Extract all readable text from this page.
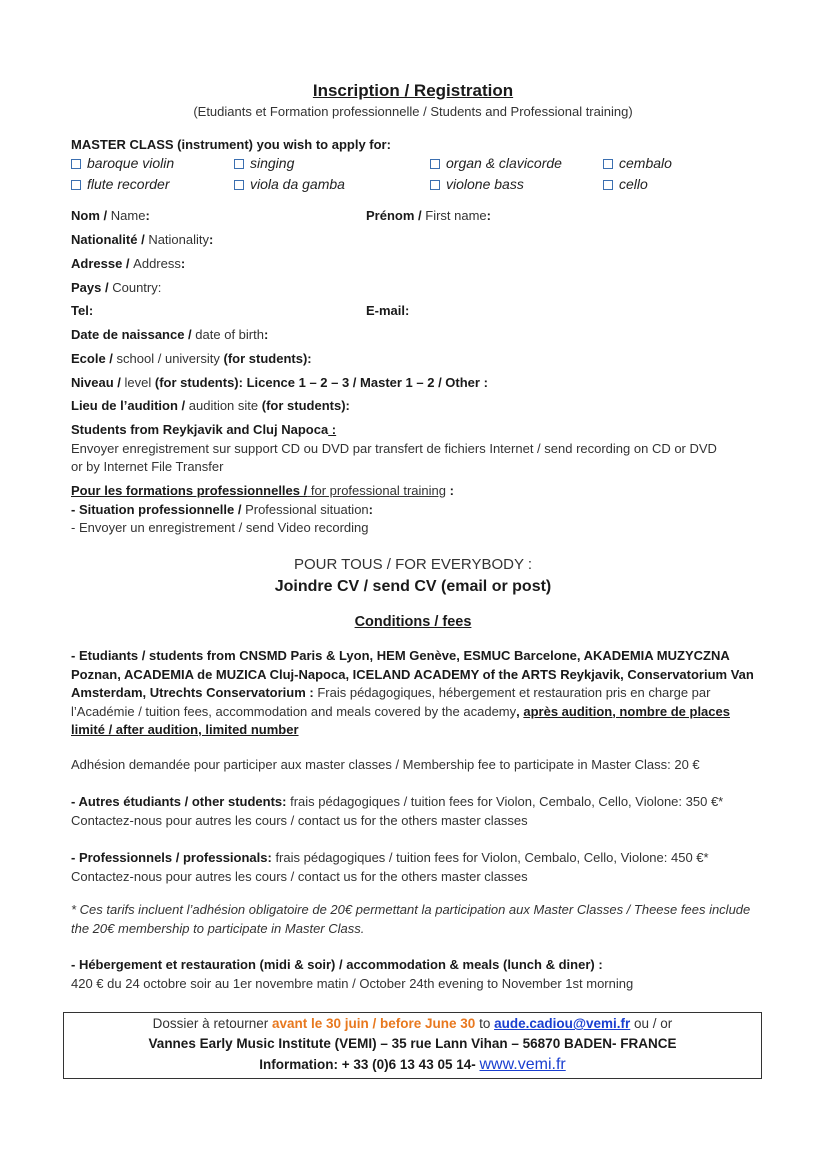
Inscription / Registration
(Etudiants et Formation professionnelle / Students and Professional training)
MASTER CLASS (instrument) you wish to apply for:
baroque violin	singing	organ & clavicorde	cembalo
flute recorder	viola da gamba	violone bass	cello
Nom / Name:	Prénom / First name:
Nationalité / Nationality:
Adresse / Address:
Pays / Country:
Tel:	E-mail:
Date de naissance / date of birth:
Ecole / school / university (for students):
Niveau / level (for students): Licence 1 – 2 – 3 / Master 1 – 2 / Other :
Lieu de l’audition / audition site (for students):
Students from Reykjavik and Cluj Napoca :
Envoyer enregistrement sur support CD ou DVD par transfert de fichiers Internet / send recording on CD or DVD
or by Internet File Transfer
Pour les formations professionnelles / for professional training :
- Situation professionnelle / Professional situation:
- Envoyer un enregistrement / send Video recording
POUR TOUS / FOR EVERYBODY :
Joindre CV / send CV (email or post)
Conditions / fees
- Etudiants / students from CNSMD Paris & Lyon, HEM Genève, ESMUC Barcelone, AKADEMIA MUZYCZNA Poznan, ACADEMIA de MUZICA Cluj-Napoca, ICELAND ACADEMY of the ARTS Reykjavik, Conservatorium Van Amsterdam, Utrechts Conservatorium : Frais pédagogiques, hébergement et restauration pris en charge par l’Académie / tuition fees, accommodation and meals covered by the academy, après audition, nombre de places limité / after audition, limited number
Adhésion demandée pour participer aux master classes / Membership fee to participate in Master Class: 20 €
- Autres étudiants / other students: frais pédagogiques / tuition fees for Violon, Cembalo, Cello, Violone: 350 €*
Contactez-nous pour autres les cours / contact us for the others master classes
- Professionnels / professionals: frais pédagogiques / tuition fees for Violon, Cembalo, Cello, Violone: 450 €*
Contactez-nous pour autres les cours / contact us for the others master classes
* Ces tarifs incluent l’adhésion obligatoire de 20€ permettant la participation aux Master Classes / Theese fees include the 20€ membership to participate in Master Class.
- Hébergement et restauration (midi & soir) / accommodation & meals (lunch & diner) :
420 € du 24 octobre soir au 1er novembre matin / October 24th evening to November 1st morning
Dossier à retourner avant le 30 juin / before June 30 to aude.cadiou@vemi.fr ou / or
Vannes Early Music Institute (VEMI) – 35 rue Lann Vihan – 56870 BADEN- FRANCE
Information: + 33 (0)6 13 43 05 14- www.vemi.fr
